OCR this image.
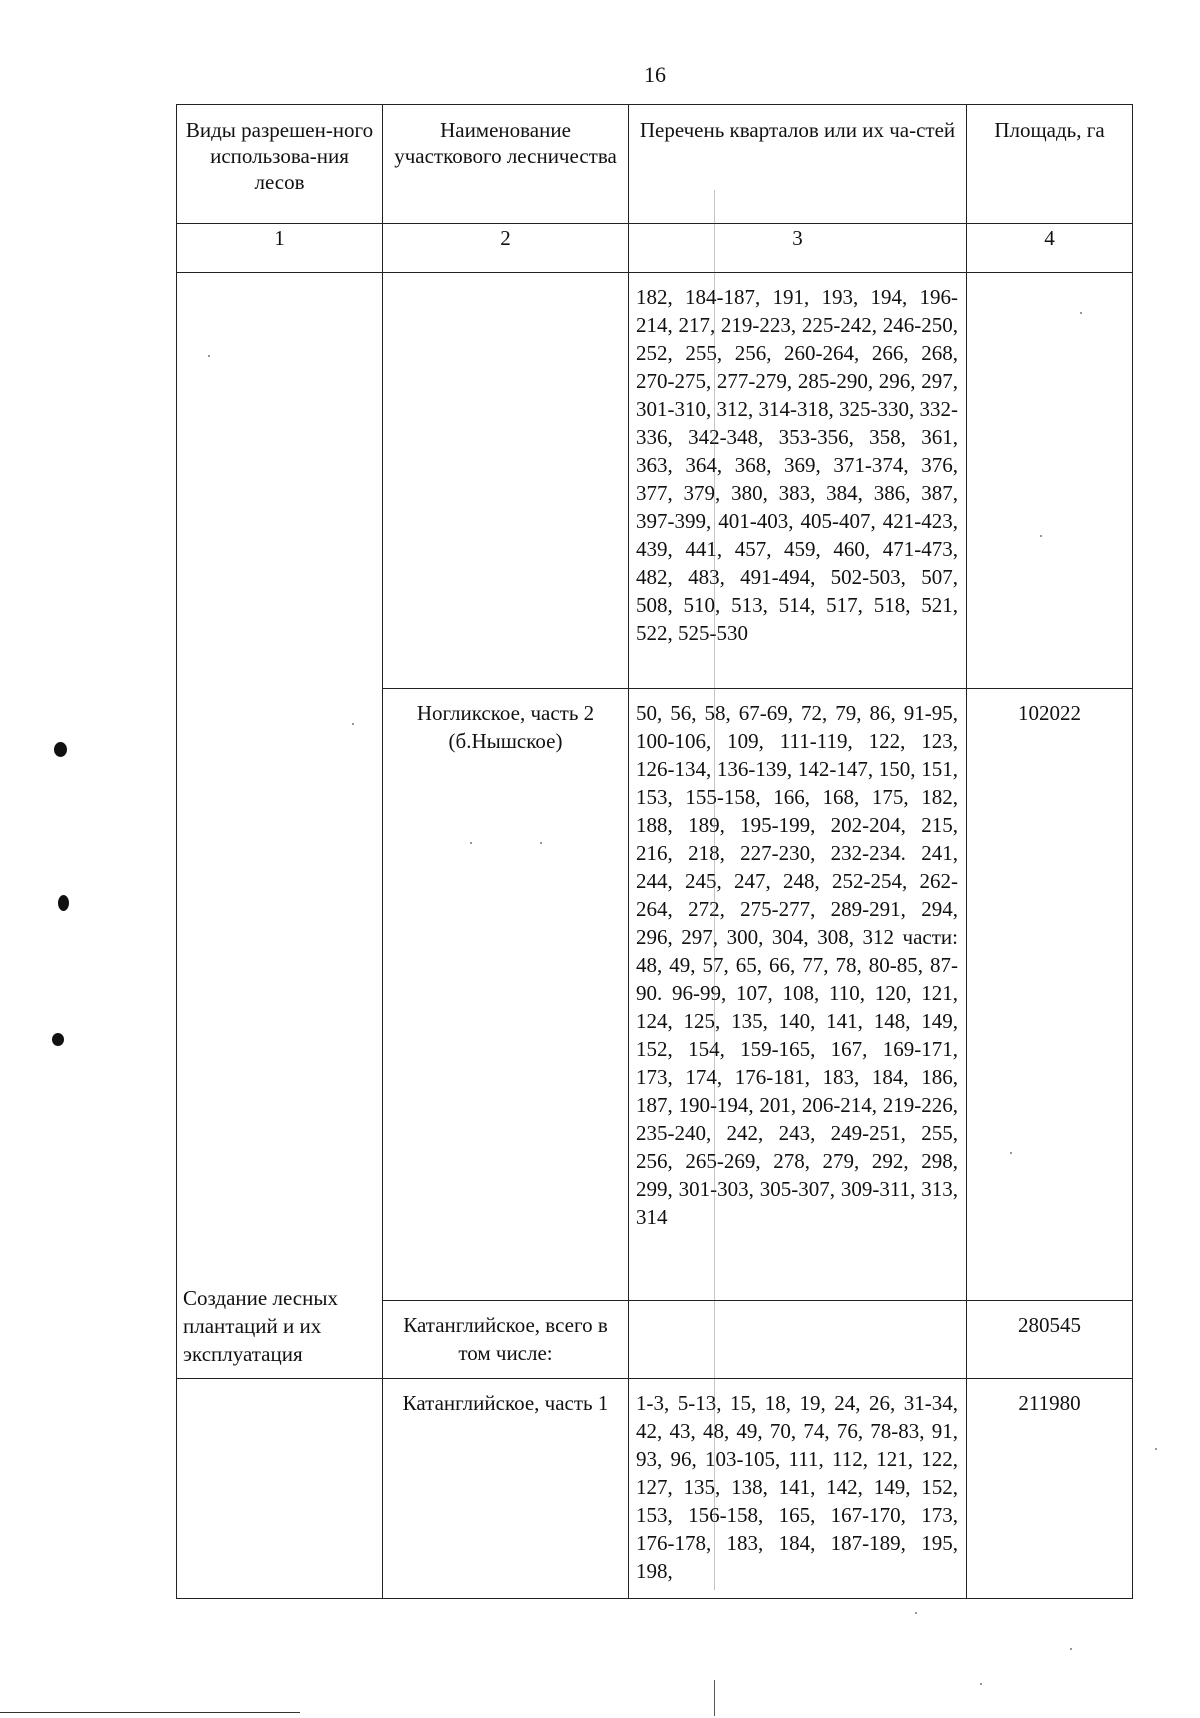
16
Виды разрешен-ного использова-ния лесов	Наименование участкового лесничества	Перечень кварталов или их ча-стей	Площадь, га
1	2	3	4

Создание лесных плантаций и их эксплуатация		182, 184-187, 191, 193, 194, 196-214, 217, 219-223, 225-242, 246-250, 252, 255, 256, 260-264, 266, 268, 270-275, 277-279, 285-290, 296, 297, 301-310, 312, 314-318, 325-330, 332-336, 342-348, 353-356, 358, 361, 363, 364, 368, 369, 371-374, 376, 377, 379, 380, 383, 384, 386, 387, 397-399, 401-403, 405-407, 421-423, 439, 441, 457, 459, 460, 471-473, 482, 483, 491-494, 502-503, 507, 508, 510, 513, 514, 517, 518, 521, 522, 525-530	
	Ногликское, часть 2 (б.Нышское)	50, 56, 58, 67-69, 72, 79, 86, 91-95, 100-106, 109, 111-119, 122, 123, 126-134, 136-139, 142-147, 150, 151, 153, 155-158, 166, 168, 175, 182, 188, 189, 195-199, 202-204, 215, 216, 218, 227-230, 232-234. 241, 244, 245, 247, 248, 252-254, 262-264, 272, 275-277, 289-291, 294, 296, 297, 300, 304, 308, 312 части: 48, 49, 57, 65, 66, 77, 78, 80-85, 87-90. 96-99, 107, 108, 110, 120, 121, 124, 125, 135, 140, 141, 148, 149, 152, 154, 159-165, 167, 169-171, 173, 174, 176-181, 183, 184, 186, 187, 190-194, 201, 206-214, 219-226, 235-240, 242, 243, 249-251, 255, 256, 265-269, 278, 279, 292, 298, 299, 301-303, 305-307, 309-311, 313, 314	102022
	Катанглийское, всего в том числе:		280545
	Катанглийское, часть 1	1-3, 5-13, 15, 18, 19, 24, 26, 31-34, 42, 43, 48, 49, 70, 74, 76, 78-83, 91, 93, 96, 103-105, 111, 112, 121, 122, 127, 135, 138, 141, 142, 149, 152, 153, 156-158, 165, 167-170, 173, 176-178, 183, 184, 187-189, 195, 198,	211980
